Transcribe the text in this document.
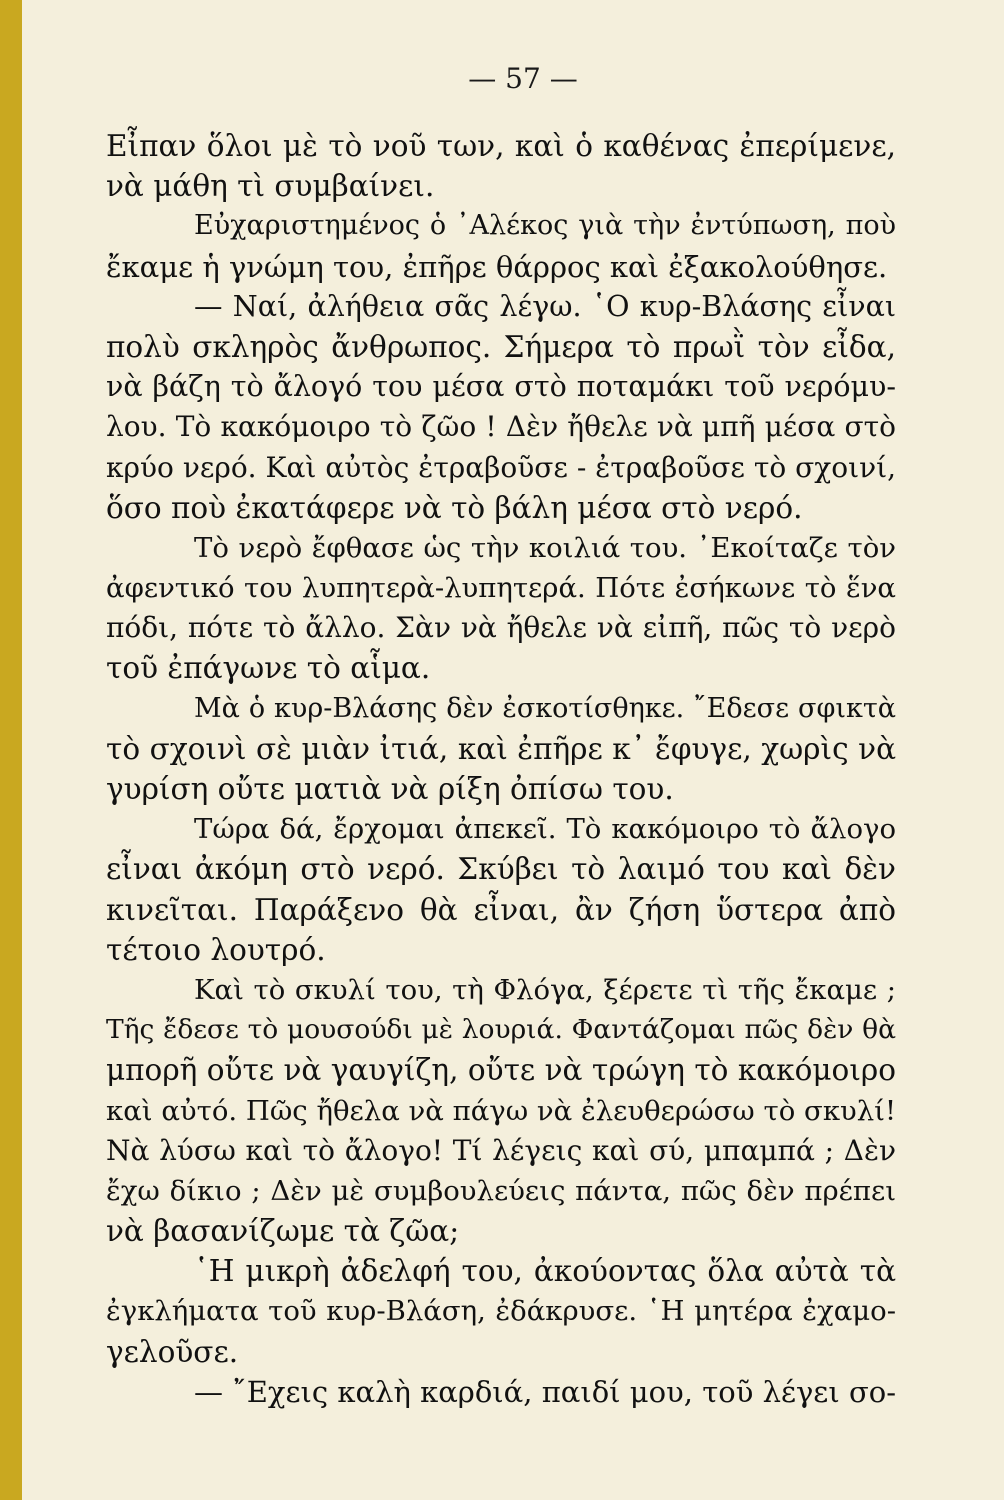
— 57 —
Εἶπαν ὅλοι μὲ τὸ νοῦ των, καὶ ὁ καθένας ἐπερίμενε,
νὰ μάθη τὶ συμβαίνει.
Εὐχαριστημένος ὁ ᾿Αλέκος γιὰ τὴν ἐντύπωση, ποὺ
ἔκαμε ἡ γνώμη του, ἐπῆρε θάρρος καὶ ἐξακολούθησε.
— Ναί, ἀλήθεια σᾶς λέγω. ῾Ο κυρ-Βλάσης εἶναι
πολὺ σκληρὸς ἄνθρωπος. Σήμερα τὸ πρωῒ τὸν εἶδα,
νὰ βάζη τὸ ἄλογό του μέσα στὸ ποταμάκι τοῦ νερόμυ-
λου. Τὸ κακόμοιρο τὸ ζῶο ! Δὲν ἤθελε νὰ μπῆ μέσα στὸ
κρύο νερό. Καὶ αὐτὸς ἐτραβοῦσε - ἐτραβοῦσε τὸ σχοινί,
ὅσο ποὺ ἐκατάφερε νὰ τὸ βάλη μέσα στὸ νερό.
Τὸ νερὸ ἔφθασε ὡς τὴν κοιλιά του. ᾿Εκοίταζε τὸν
ἀφεντικό του λυπητερὰ-λυπητερά. Πότε ἐσήκωνε τὸ ἕνα
πόδι, πότε τὸ ἄλλο. Σὰν νὰ ἤθελε νὰ εἰπῆ, πῶς τὸ νερὸ
τοῦ ἐπάγωνε τὸ αἷμα.
Μὰ ὁ κυρ-Βλάσης δὲν ἐσκοτίσθηκε. ῎Εδεσε σφικτὰ
τὸ σχοινὶ σὲ μιὰν ἰτιά, καὶ ἐπῆρε κ᾿ ἔφυγε, χωρὶς νὰ
γυρίση οὔτε ματιὰ νὰ ρίξη ὀπίσω του.
Τώρα δά, ἔρχομαι ἀπεκεῖ. Τὸ κακόμοιρο τὸ ἄλογο
εἶναι ἀκόμη στὸ νερό. Σκύβει τὸ λαιμό του καὶ δὲν
κινεῖται. Παράξενο θὰ εἶναι, ἂν ζήση ὕστερα ἀπὸ
τέτοιο λουτρό.
Καὶ τὸ σκυλί του, τὴ Φλόγα, ξέρετε τὶ τῆς ἔκαμε ;
Τῆς ἔδεσε τὸ μουσούδι μὲ λουριά. Φαντάζομαι πῶς δὲν θὰ
μπορῆ οὔτε νὰ γαυγίζη, οὔτε νὰ τρώγη τὸ κακόμοιρο
καὶ αὐτό. Πῶς ἤθελα νὰ πάγω νὰ ἐλευθερώσω τὸ σκυλί!
Νὰ λύσω καὶ τὸ ἄλογο! Τί λέγεις καὶ σύ, μπαμπά ; Δὲν
ἔχω δίκιο ; Δὲν μὲ συμβουλεύεις πάντα, πῶς δὲν πρέπει
νὰ βασανίζωμε τὰ ζῶα;
῾Η μικρὴ ἀδελφή του, ἀκούοντας ὅλα αὐτὰ τὰ
ἐγκλήματα τοῦ κυρ-Βλάση, ἐδάκρυσε. ῾Η μητέρα ἐχαμο-
γελοῦσε.
— ῎Εχεις καλὴ καρδιά, παιδί μου, τοῦ λέγει σο-
